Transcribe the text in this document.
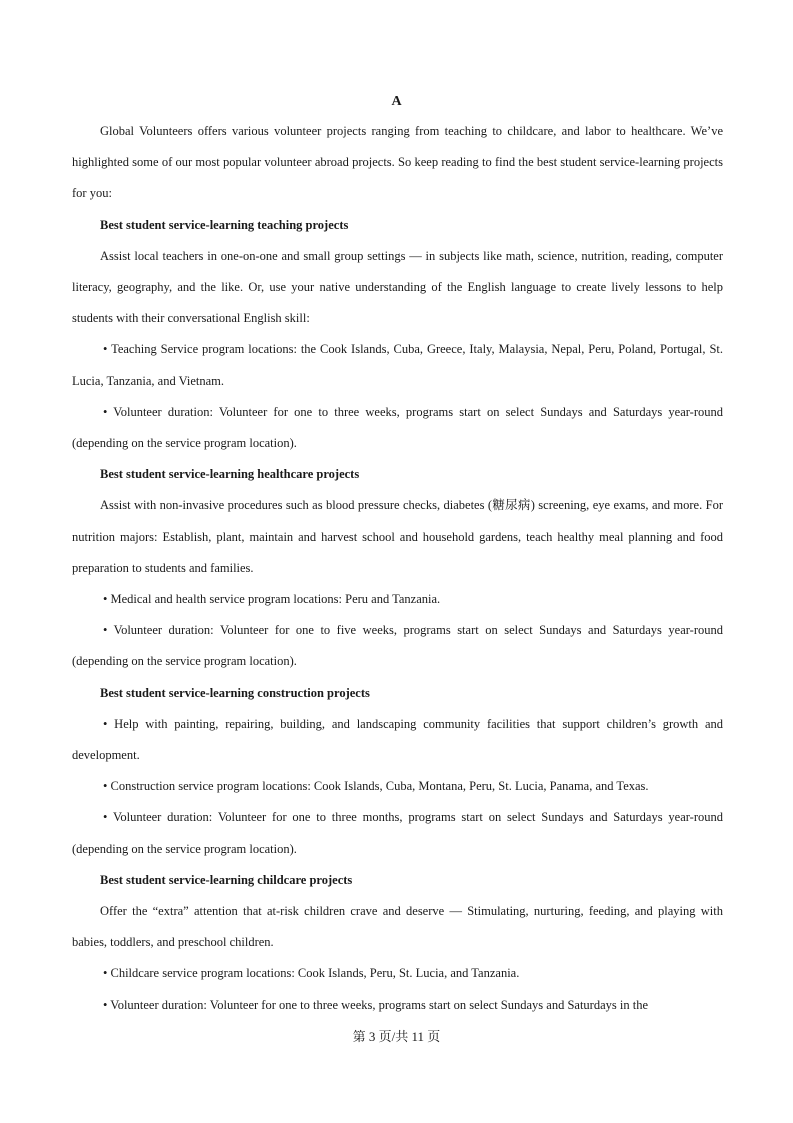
A

Global Volunteers offers various volunteer projects ranging from teaching to childcare, and labor to healthcare. We’ve highlighted some of our most popular volunteer abroad projects. So keep reading to find the best student service-learning projects for you:

Best student service-learning teaching projects

Assist local teachers in one-on-one and small group settings — in subjects like math, science, nutrition, reading, computer literacy, geography, and the like. Or, use your native understanding of the English language to create lively lessons to help students with their conversational English skill:

• Teaching Service program locations: the Cook Islands, Cuba, Greece, Italy, Malaysia, Nepal, Peru, Poland, Portugal, St. Lucia, Tanzania, and Vietnam.

• Volunteer duration: Volunteer for one to three weeks, programs start on select Sundays and Saturdays year-round (depending on the service program location).

Best student service-learning healthcare projects

Assist with non-invasive procedures such as blood pressure checks, diabetes (糖尿病) screening, eye exams, and more. For nutrition majors: Establish, plant, maintain and harvest school and household gardens, teach healthy meal planning and food preparation to students and families.

• Medical and health service program locations: Peru and Tanzania.

• Volunteer duration: Volunteer for one to five weeks, programs start on select Sundays and Saturdays year-round (depending on the service program location).

Best student service-learning construction projects

• Help with painting, repairing, building, and landscaping community facilities that support children’s growth and development.

• Construction service program locations: Cook Islands, Cuba, Montana, Peru, St. Lucia, Panama, and Texas.

• Volunteer duration: Volunteer for one to three months, programs start on select Sundays and Saturdays year-round (depending on the service program location).

Best student service-learning childcare projects

Offer the “extra” attention that at-risk children crave and deserve — Stimulating, nurturing, feeding, and playing with babies, toddlers, and preschool children.

• Childcare service program locations: Cook Islands, Peru, St. Lucia, and Tanzania.

• Volunteer duration: Volunteer for one to three weeks, programs start on select Sundays and Saturdays in the

第 3 页/共 11 页
